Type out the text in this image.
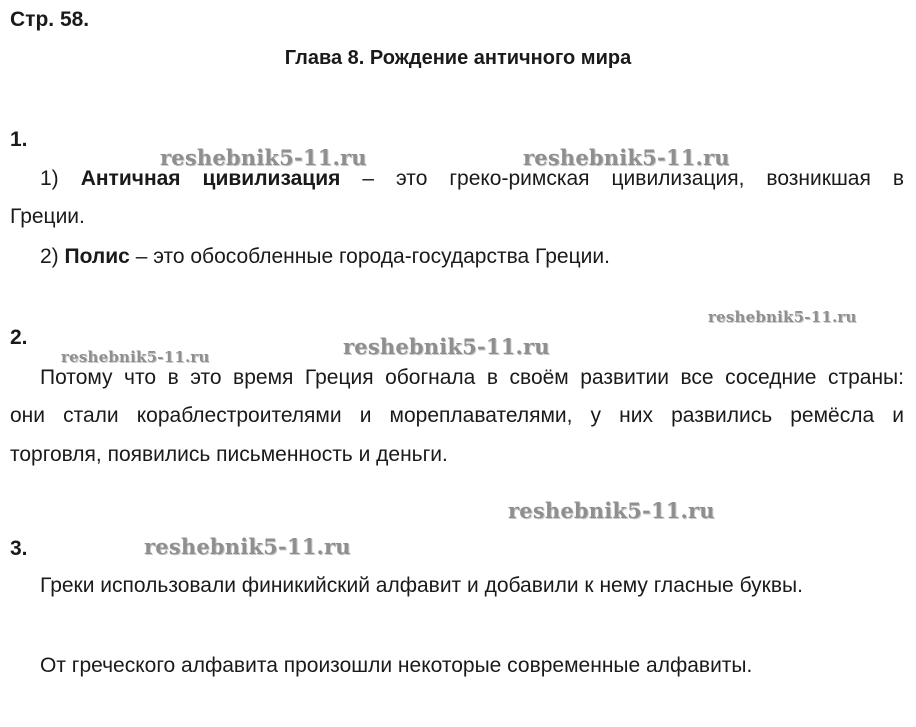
Стр. 58.
Глава 8. Рождение античного мира
reshebnik5-11.ru	reshebnik5-11.ru
reshebnik5-11.ru
reshebnik5-11.ru	reshebnik5-11.ru
reshebnik5-11.ru
reshebnik5-11.ru
1.
1) Античная цивилизация – это греко-римская цивилизация, возникшая в
Греции.
2) Полис – это обособленные города-государства Греции.
2.
Потому что в это время Греция обогнала в своём развитии все соседние страны:
они стали кораблестроителями и мореплавателями, у них развились ремёсла и
торговля, появились письменность и деньги.
3.
Греки использовали финикийский алфавит и добавили к нему гласные буквы.
От греческого алфавита произошли некоторые современные алфавиты.
